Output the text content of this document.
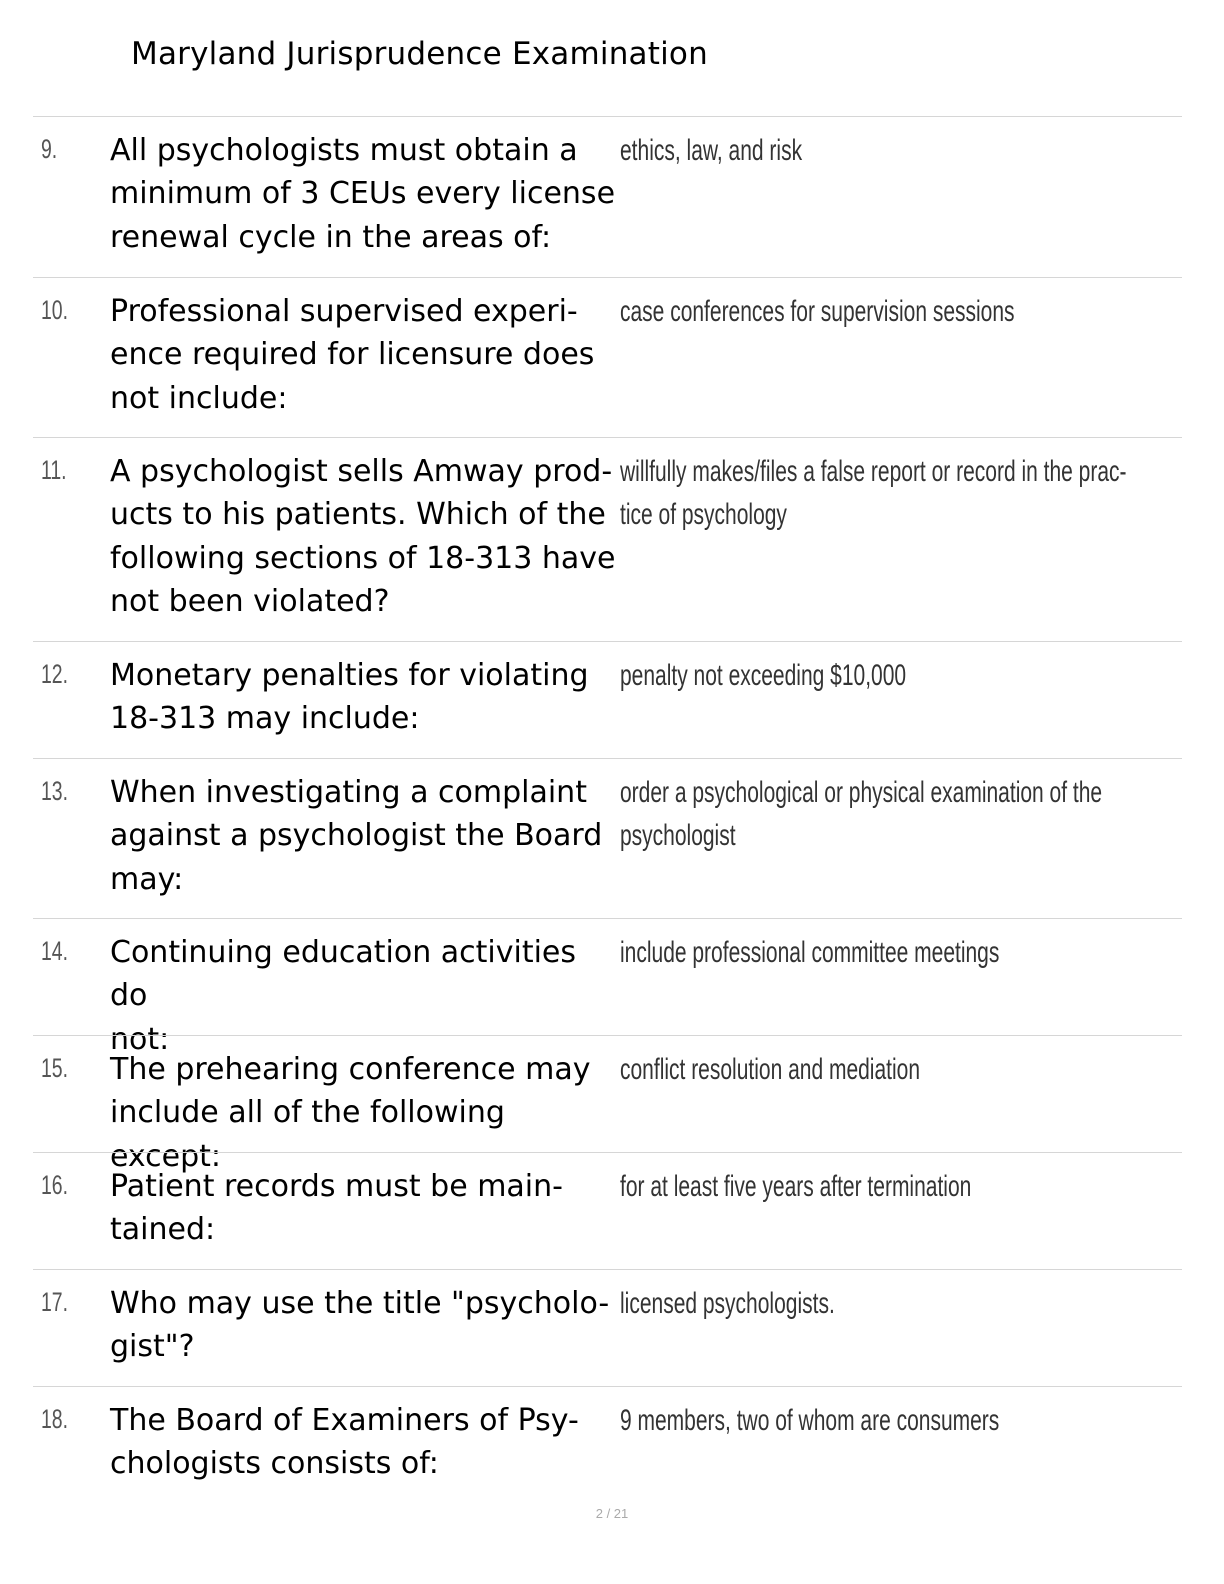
Maryland Jurisprudence Examination
9. All psychologists must obtain a
minimum of 3 CEUs every license
renewal cycle in the areas of:
ethics, law, and risk
10. Professional supervised experi-
ence required for licensure does
not include:
case conferences for supervision sessions
11. A psychologist sells Amway prod-
ucts to his patients. Which of the
following sections of 18-313 have
not been violated?
willfully makes/files a false report or record in the prac-
tice of psychology
12. Monetary penalties for violating
18-313 may include:
penalty not exceeding $10,000
13. When investigating a complaint
against a psychologist the Board
may:
order a psychological or physical examination of the
psychologist
14. Continuing education activities do
not:
include professional committee meetings
15. The prehearing conference may
include all of the following except:
conflict resolution and mediation
16. Patient records must be main-
tained:
for at least five years after termination
17. Who may use the title "psycholo-
gist"?
licensed psychologists.
18. The Board of Examiners of Psy-
chologists consists of:
9 members, two of whom are consumers
2 / 21
